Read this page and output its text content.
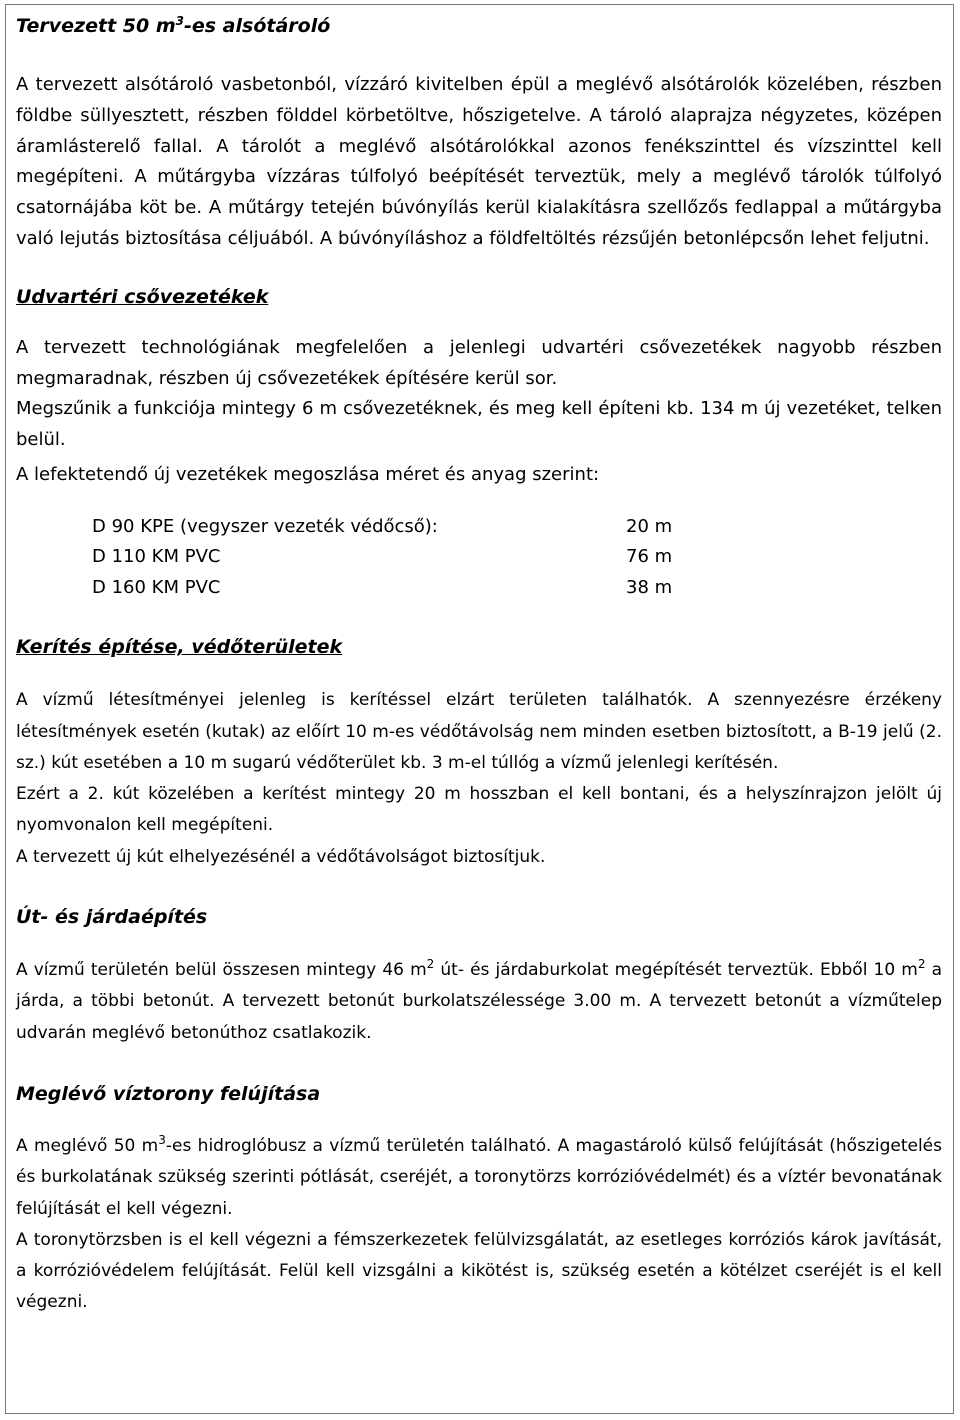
Tervezett 50 $m^3-es$ alsótároló

A tervezett alsótároló vasbetonból, vízzáró kivitelben épül a meglévő alsótárolók közelében, részben földbe süllyesztett, részben földdel körbetöltve, hőszigetelve. A tároló alaprajza négyzetes, középen áramlásterelő fallal. A tárolót a meglévő alsótárolókkal azonos fenékszinttel és vízszinttel kell megépíteni. A műtárgyba vízzáras túlfolyó beépítését terveztük, mely a meglévő tárolók túlfolyó csatornájába köt be. A műtárgy tetején búvónyílás kerül kialakításra szellőzős fedlappal a műtárgyba való lejutás biztosítása céljuából. A búvónyíláshoz a földfeltöltés rézsűjén betonlépcsőn lehet feljutni.

Udvartéri csővezetékek

A tervezett technológiának megfelelően a jelenlegi udvartéri csővezetékek nagyobb részben megmaradnak, részben új csővezetékek építésére kerül sor.

Megszűnik a funkciója mintegy 6 m csővezetéknek, és meg kell építeni kb. 134 m új vezetéket, telken belül.

A lefektetendő új vezetékek megoszlása méret és anyag szerint:

D 90 KPE (vegyszer vezeték védőcső):	20 m
D 110 KM PVC	76 m
D 160 KM PVC	38 m
Kerítés építése, védőterületek

A vízmű létesítményei jelenleg is kerítéssel elzárt területen találhatók. A szennyezésre érzékeny létesítmények esetén (kutak) az előírt 10 m-es védőtávolság nem minden esetben biztosított, a B-19 jelű (2. sz.) kút esetében a 10 m sugarú védőterület kb. 3 m-el túllóg a vízmű jelenlegi kerítésén.

Ezért a 2. kút közelében a kerítést mintegy 20 m hosszban el kell bontani, és a helyszínrajzon jelölt új nyomvonalon kell megépíteni.

A tervezett új kút elhelyezésénél a védőtávolságot biztosítjuk.

Út- és járdaépítés

A vízmű területén belül összesen mintegy 46 $m^2$ út- és járdaburkolat megépítését terveztük. Ebből 10 $m^2$ a járda, a többi betonút. A tervezett betonút burkolatszélessége 3.00 m. A tervezett betonút a vízműtelep udvarán meglévő betonúthoz csatlakozik.

Meglévő víztorony felújítása

A meglévő 50 $m^3-es$ hidroglóbusz a vízmű területén található. A magastároló külső felújítását (hőszigetelés és burkolatának szükség szerinti pótlását, cseréjét, a toronytörzs korrózióvédelmét) és a víztér bevonatának felújítását el kell végezni.

A toronytörzsben is el kell végezni a fémszerkezetek felülvizsgálatát, az esetleges korróziós károk javítását, a korrózióvédelem felújítását. Felül kell vizsgálni a kikötést is, szükség esetén a kötélzet cseréjét is el kell végezni.
